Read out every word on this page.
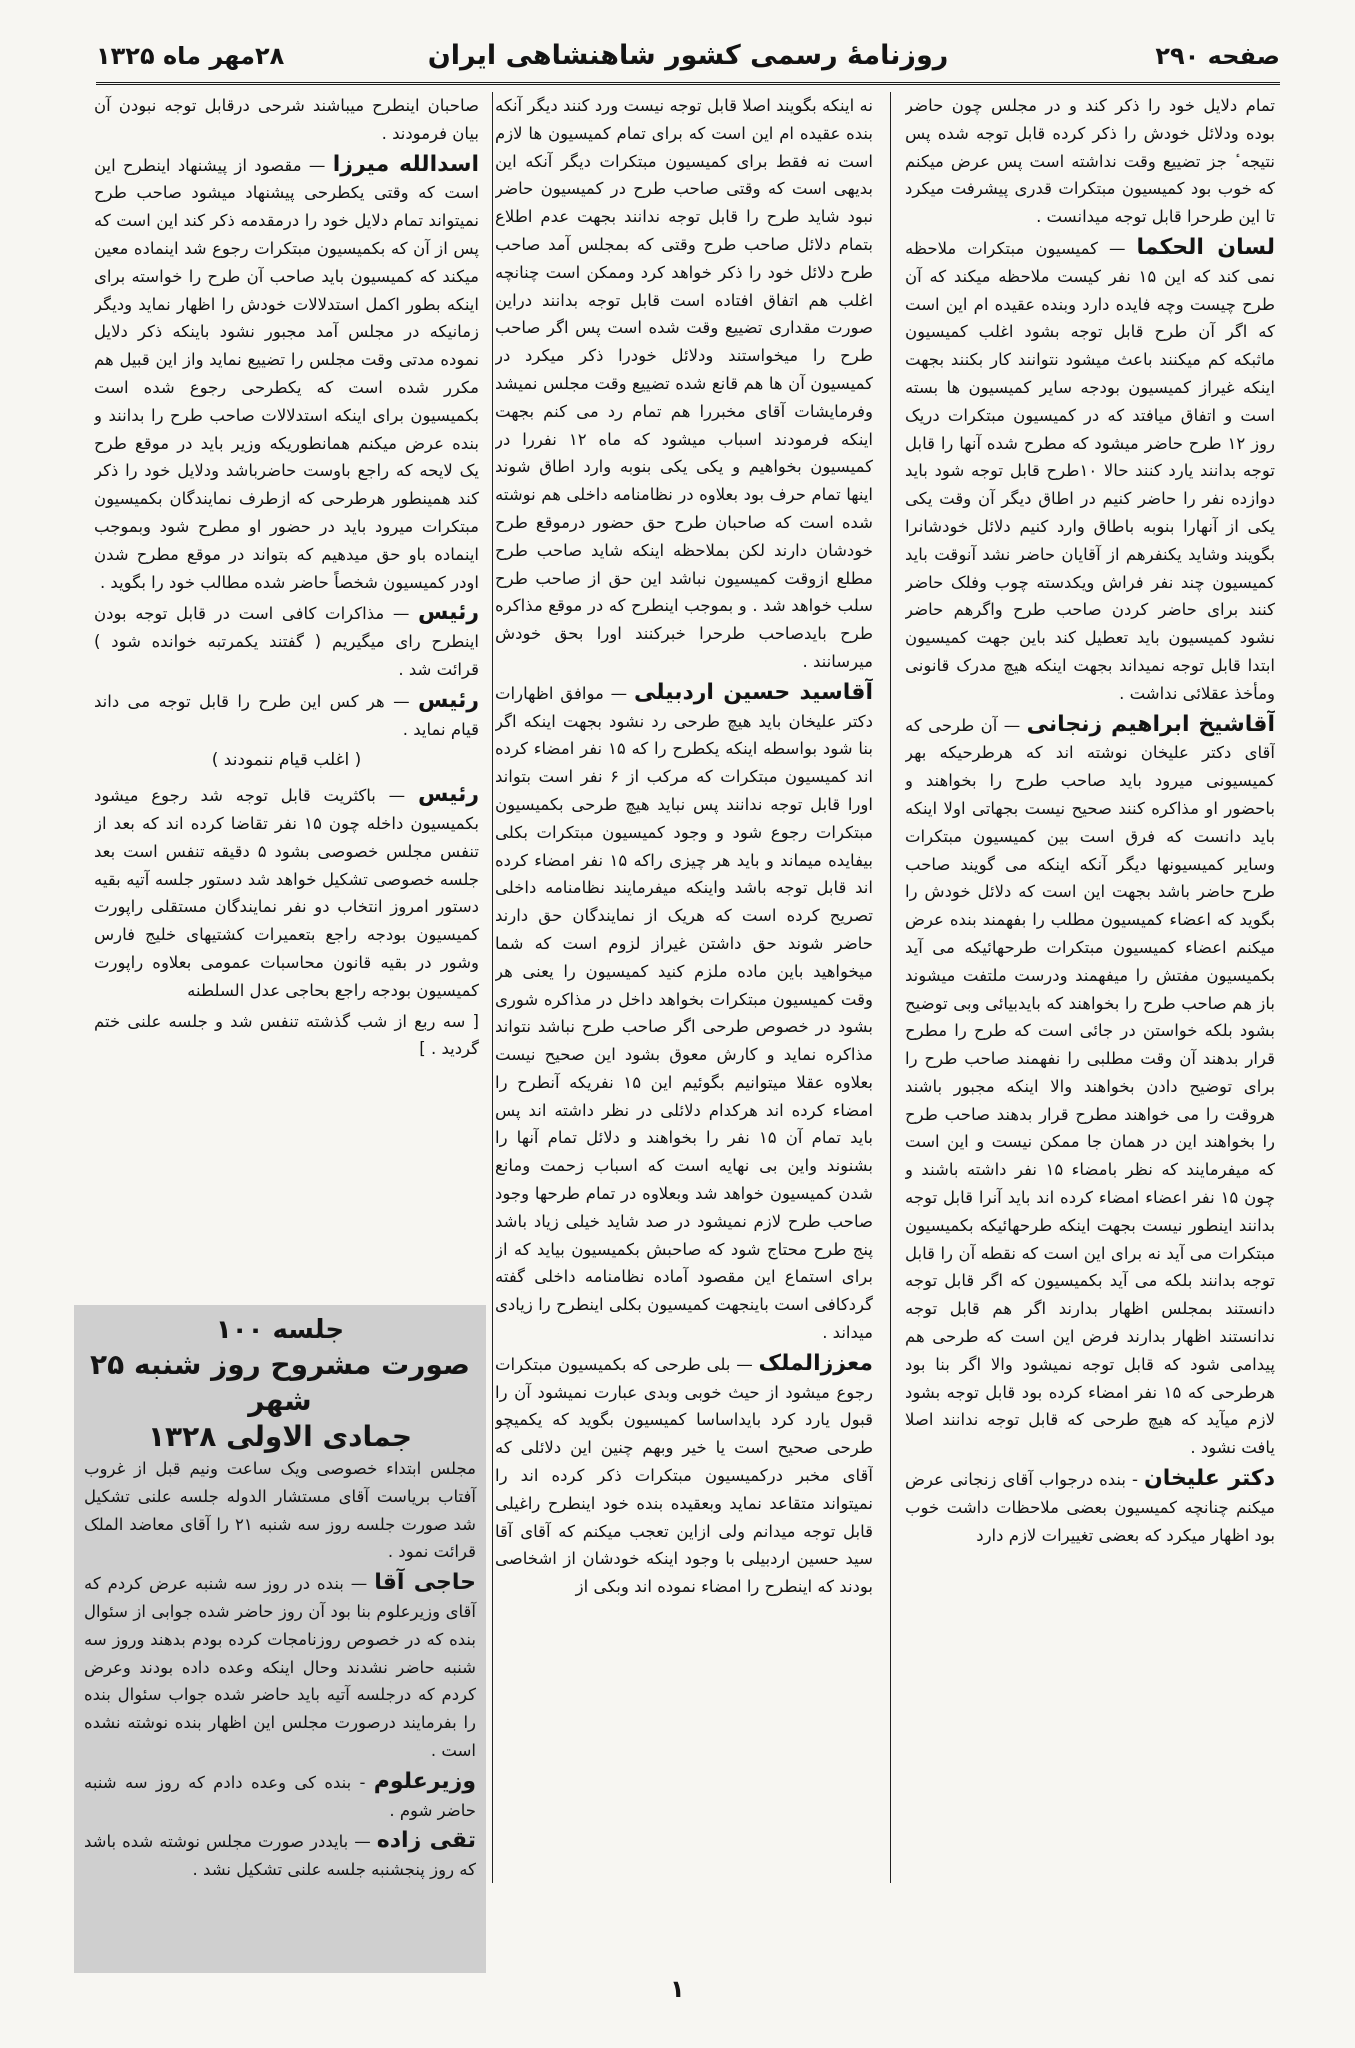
صفحه ۲۹۰
روزنامهٔ رسمی کشور شاهنشاهی ایران
۲۸مهر ماه ۱۳۲۵

تمام دلایل خود را ذکر کند و در مجلس چون حاضر بوده ودلائل خودش را ذکر کرده قابل توجه شده پس نتیجه ٔ جز تضییع وقت نداشته است پس عرض میکنم که خوب بود کمیسیون مبتکرات قدری پیشرفت میکرد تا این طرحرا قابل توجه میدانست .

لسان الحکما — کمیسیون مبتکرات ملاحظه نمی کند که این ۱۵ نفر کیست ملاحظه میکند که آن طرح چیست وچه فایده دارد وبنده عقیده ام این است که اگر آن طرح قابل توجه بشود اغلب کمیسیون ماثبکه کم میکنند باعث میشود نتوانند کار بکنند بجهت اینکه غیراز کمیسیون بودجه سایر کمیسیون ها بسته است و اتفاق میافتد که در کمیسیون مبتکرات دریک روز ۱۲ طرح حاضر میشود که مطرح شده آنها را قابل توجه بدانند یارد کنند حالا ۱۰طرح قابل توجه شود باید دوازده نفر را حاضر کنیم در اطاق دیگر آن وقت یکی یکی از آنهارا بنوبه باطاق وارد کنیم دلائل خودشانرا بگویند وشاید یکنفرهم از آقایان حاضر نشد آنوقت باید کمیسیون چند نفر فراش ویکدسته چوب وفلک حاضر کنند برای حاضر کردن صاحب طرح واگرهم حاضر نشود کمیسیون باید تعطیل کند باین جهت کمیسیون ابتدا قابل توجه نمیداند بجهت اینکه هیچ مدرک قانونی ومأخذ عقلائی نداشت .

آقاشیخ ابراهیم زنجانی — آن طرحی که آقای دکتر علیخان نوشته اند که هرطرحیکه بهر کمیسیونی میرود باید صاحب طرح را بخواهند و باحضور او مذاکره کنند صحیح نیست بجهاتی اولا اینکه باید دانست که فرق است بین کمیسیون مبتکرات وسایر کمیسیونها دیگر آنکه اینکه می گویند صاحب طرح حاضر باشد بجهت این است که دلائل خودش را بگوید که اعضاء کمیسیون مطلب را بفهمند بنده عرض میکنم اعضاء کمیسیون مبتکرات طرحهائیکه می آید بکمیسیون مفتش را میفهمند ودرست ملتفت میشوند باز هم صاحب طرح را بخواهند که بایدبیائی وبی توضیح بشود بلکه خواستن در جائی است که طرح را مطرح قرار بدهند آن وقت مطلبی را نفهمند صاحب طرح را برای توضیح دادن بخواهند والا اینکه مجبور باشند هروقت را می خواهند مطرح قرار بدهند صاحب طرح را بخواهند این در همان جا ممکن نیست و این است که میفرمایند که نظر بامضاء ۱۵ نفر داشته باشند و چون ۱۵ نفر اعضاء امضاء کرده اند باید آنرا قابل توجه بدانند اینطور نیست بجهت اینکه طرحهائیکه بکمیسیون مبتکرات می آید نه برای این است که نقطه آن را قابل توجه بدانند بلکه می آید بکمیسیون که اگر قابل توجه دانستند بمجلس اظهار بدارند اگر هم قابل توجه ندانستند اظهار بدارند فرض این است که طرحی هم پیدامی شود که قابل توجه نمیشود والا اگر بنا بود هرطرحی که ۱۵ نفر امضاء کرده بود قابل توجه بشود لازم میآید که هیچ طرحی که قابل توجه ندانند اصلا یافت نشود .

دکتر علیخان - بنده درجواب آقای زنجانی عرض میکنم چنانچه کمیسیون بعضی ملاحظات داشت خوب بود اظهار میکرد که بعضی تغییرات لازم دارد

نه اینکه بگویند اصلا قابل توجه نیست ورد کنند دیگر آنکه بنده عقیده ام این است که برای تمام کمیسیون ها لازم است نه فقط برای کمیسیون مبتکرات دیگر آنکه این بدیهی است که وقتی صاحب طرح در کمیسیون حاضر نبود شاید طرح را قابل توجه ندانند بجهت عدم اطلاع بتمام دلائل صاحب طرح وقتی که بمجلس آمد صاحب طرح دلائل خود را ذکر خواهد کرد وممکن است چنانچه اغلب هم اتفاق افتاده است قابل توجه بدانند دراین صورت مقداری تضییع وقت شده است پس اگر صاحب طرح را میخواستند ودلائل خودرا ذکر میکرد در کمیسیون آن ها هم قانع شده تضییع وقت مجلس نمیشد وفرمایشات آقای مخبررا هم تمام رد می کنم بجهت اینکه فرمودند اسباب میشود که ماه ۱۲ نفررا در کمیسیون بخواهیم و یکی یکی بنوبه وارد اطاق شوند اینها تمام حرف بود بعلاوه در نظامنامه داخلی هم نوشته شده است که صاحبان طرح حق حضور درموقع طرح خودشان دارند لکن بملاحظه اینکه شاید صاحب طرح مطلع ازوقت کمیسیون نباشد این حق از صاحب طرح سلب خواهد شد . و بموجب اینطرح که در موقع مذاکره طرح بایدصاحب طرحرا خبرکنند اورا بحق خودش میرسانند .

آقاسید حسین اردبیلی — موافق اظهارات دکتر علیخان باید هیچ طرحی رد نشود بجهت اینکه اگر بنا شود بواسطه اینکه یکطرح را که ۱۵ نفر امضاء کرده اند کمیسیون مبتکرات که مرکب از ۶ نفر است بتواند اورا قابل توجه ندانند پس نباید هیچ طرحی بکمیسیون مبتکرات رجوع شود و وجود کمیسیون مبتکرات بکلی بیفایده میماند و باید هر چیزی راکه ۱۵ نفر امضاء کرده اند قابل توجه باشد واینکه میفرمایند نظامنامه داخلی تصریح کرده است که هریک از نمایندگان حق دارند حاضر شوند حق داشتن غیراز لزوم است که شما میخواهید باین ماده ملزم کنید کمیسیون را یعنی هر وقت کمیسیون مبتکرات بخواهد داخل در مذاکره شوری بشود در خصوص طرحی اگر صاحب طرح نباشد نتواند مذاکره نماید و کارش معوق بشود این صحیح نیست بعلاوه عقلا میتوانیم بگوئیم این ۱۵ نفریکه آنطرح را امضاء کرده اند هرکدام دلائلی در نظر داشته اند پس باید تمام آن ۱۵ نفر را بخواهند و دلائل تمام آنها را بشنوند واین بی نهایه است که اسباب زحمت ومانع شدن کمیسیون خواهد شد وبعلاوه در تمام طرحها وجود صاحب طرح لازم نمیشود در صد شاید خیلی زیاد باشد پنج طرح محتاج شود که صاحبش بکمیسیون بیاید که از برای استماع این مقصود آماده نظامنامه داخلی گفته گردکافی است باینجهت کمیسیون بکلی اینطرح را زیادی میداند .

معززالملک — بلی طرحی که بکمیسیون مبتکرات رجوع میشود از حیث خوبی وبدی عبارت نمیشود آن را قبول یارد کرد بایداساسا کمیسیون بگوید که یکمیچو طرحی صحیح است یا خیر وبهم چنین این دلائلی که آقای مخبر درکمیسیون مبتکرات ذکر کرده اند را نمیتواند متقاعد نماید وبعقیده بنده خود اینطرح راغیلی قابل توجه میدانم ولی ازاین تعجب میکنم که آقای آقا سید حسین اردبیلی با وجود اینکه خودشان از اشخاصی بودند که اینطرح را امضاء نموده اند وبکی از

صاحبان اینطرح میباشند شرحی درقابل توجه نبودن آن بیان فرمودند .

اسدالله میرزا — مقصود از پیشنهاد اینطرح این است که وقتی یکطرحی پیشنهاد میشود صاحب طرح نمیتواند تمام دلایل خود را درمقدمه ذکر کند این است که پس از آن که بکمیسیون مبتکرات رجوع شد اینماده معین میکند که کمیسیون باید صاحب آن طرح را خواسته برای اینکه بطور اکمل استدلالات خودش را اظهار نماید ودیگر زمانیکه در مجلس آمد مجبور نشود باینکه ذکر دلایل نموده مدتی وقت مجلس را تضییع نماید واز این قبیل هم مکرر شده است که یکطرحی رجوع شده است بکمیسیون برای اینکه استدلالات صاحب طرح را بدانند و بنده عرض میکنم همانطوریکه وزیر باید در موقع طرح یک لایحه که راجع باوست حاضرباشد ودلایل خود را ذکر کند همینطور هرطرحی که ازطرف نمایندگان بکمیسیون مبتکرات میرود باید در حضور او مطرح شود وبموجب اینماده باو حق میدهیم که بتواند در موقع مطرح شدن اودر کمیسیون شخصاً حاضر شده مطالب خود را بگوید .

رئیس — مذاکرات کافی است در قابل توجه بودن اینطرح رای میگیریم ( گفتند یکمرتبه خوانده شود ) قرائت شد .

رئیس — هر کس این طرح را قابل توجه می داند قیام نماید .

( اغلب قیام ننمودند )

رئیس — باکثریت قابل توجه شد رجوع میشود بکمیسیون داخله چون ۱۵ نفر تقاضا کرده اند که بعد از تنفس مجلس خصوصی بشود ۵ دقیقه تنفس است بعد جلسه خصوصی تشکیل خواهد شد دستور جلسه آتیه بقیه دستور امروز انتخاب دو نفر نمایندگان مستقلی راپورت کمیسیون بودجه راجع بتعمیرات کشتیهای خلیج فارس وشور در بقیه قانون محاسبات عمومی بعلاوه راپورت کمیسیون بودجه راجع بحاجی عدل السلطنه

[ سه ربع از شب گذشته تنفس شد و جلسه علنی ختم گردید . ]

جلسه ۱۰۰

صورت مشروح روز شنبه ۲۵ شهر

جمادی الاولی ۱۳۲۸

مجلس ابتداء خصوصی ویک ساعت ونیم قبل از غروب آفتاب بریاست آقای مستشار الدوله جلسه علنی تشکیل شد صورت جلسه روز سه شنبه ۲۱ را آقای معاضد الملک قرائت نمود .

حاجی آقا — بنده در روز سه شنبه عرض کردم که آقای وزیرعلوم بنا بود آن روز حاضر شده جوابی از سئوال بنده که در خصوص روزنامجات کرده بودم بدهند وروز سه شنبه حاضر نشدند وحال اینکه وعده داده بودند وعرض کردم که درجلسه آتیه باید حاضر شده جواب سئوال بنده را بفرمایند درصورت مجلس این اظهار بنده نوشته نشده است .

وزیرعلوم - بنده کی وعده دادم که روز سه شنبه حاضر شوم .

تقی زاده — بایددر صورت مجلس نوشته شده باشد که روز پنجشنبه جلسه علنی تشکیل نشد .

۱
